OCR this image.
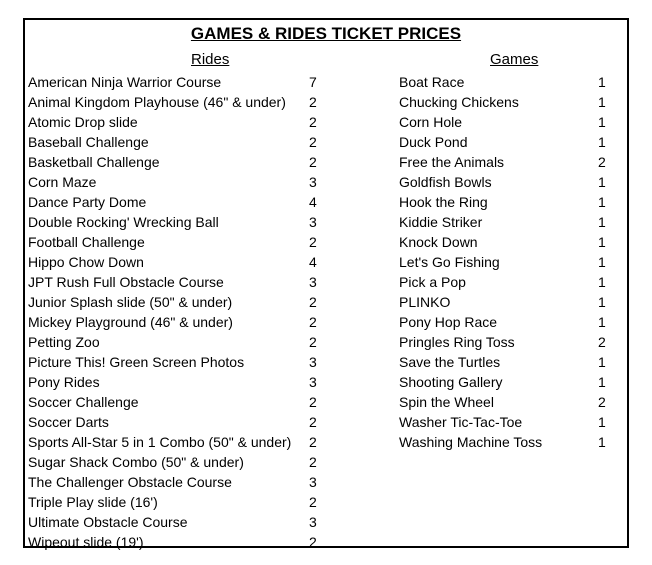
GAMES & RIDES TICKET PRICES
Rides	Games
American Ninja Warrior Course	7
Animal Kingdom Playhouse (46" & under) 2
Atomic Drop slide	2
Baseball Challenge	2
Basketball Challenge	2
Corn Maze	3
Dance Party Dome	4
Double Rocking' Wrecking Ball	3
Football Challenge	2
Hippo Chow Down	4
JPT Rush Full Obstacle Course	3
Junior Splash slide (50" & under)	2
Mickey Playground (46" & under)	2
Petting Zoo	2
Picture This! Green Screen Photos	3
Pony Rides	3
Soccer Challenge	2
Soccer Darts	2
Sports All-Star 5 in 1 Combo (50" & under) 2
Sugar Shack Combo (50" & under)	2
The Challenger Obstacle Course	3
Triple Play slide (16')	2
Ultimate Obstacle Course	3
Wipeout slide (19')	2
Boat Race	1
Chucking Chickens	1
Corn Hole	1
Duck Pond	1
Free the Animals	2
Goldfish Bowls	1
Hook the Ring	1
Kiddie Striker	1
Knock Down	1
Let's Go Fishing	1
Pick a Pop	1
PLINKO	1
Pony Hop Race	1
Pringles Ring Toss	2
Save the Turtles	1
Shooting Gallery	1
Spin the Wheel	2
Washer Tic-Tac-Toe	1
Washing Machine Toss	1
